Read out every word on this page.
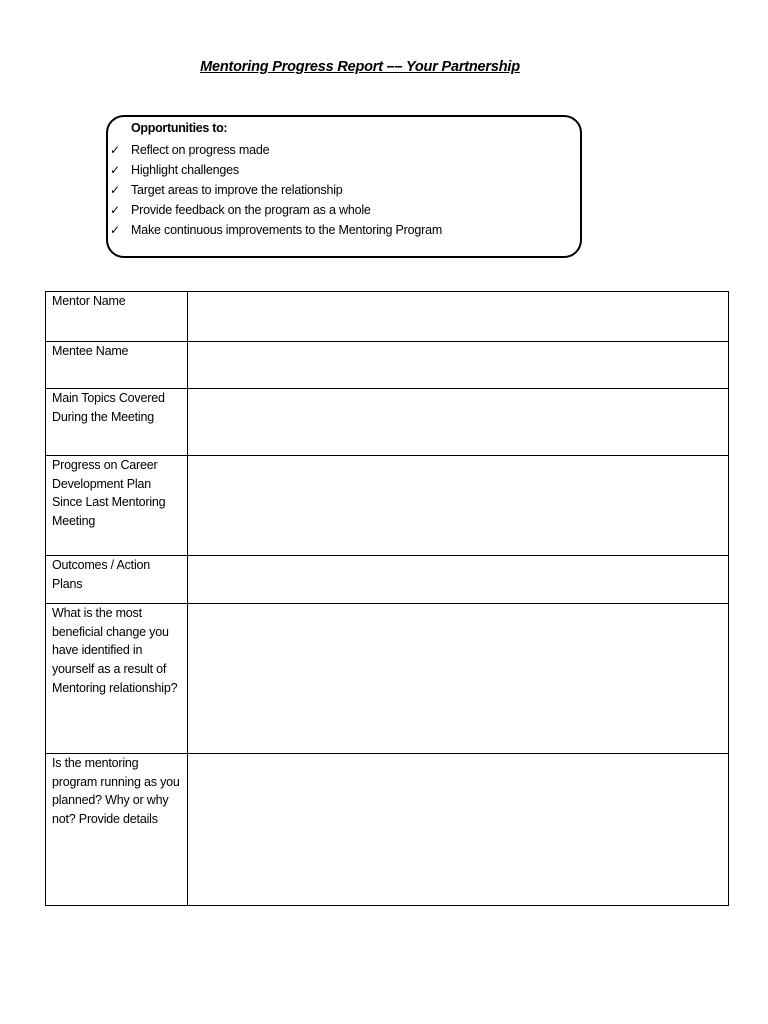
Mentoring Progress Report –– Your Partnership
Opportunities to:
✓ Reflect on progress made
✓ Highlight challenges
✓ Target areas to improve the relationship
✓ Provide feedback on the program as a whole
✓ Make continuous improvements to the Mentoring Program
Mentor Name	

Mentee Name	

Main Topics Covered During the Meeting	

Progress on Career Development Plan Since Last Mentoring Meeting	

Outcomes / Action Plans	

What is the most beneficial change you have identified in yourself as a result of Mentoring relationship?	

Is the mentoring program running as you planned? Why or why not? Provide details	
